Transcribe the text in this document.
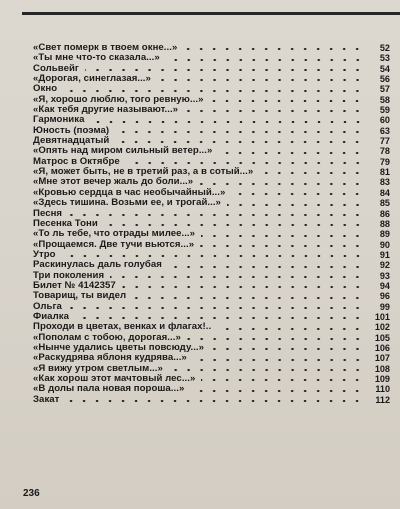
«Свет померк в твоем окне...»	52
«Ты мне что-то сказала...»	53
Сольвейг	54
«Дорогая, синеглазая...»	56
Окно	57
«Я, хорошо люблю, того ревную...»	58
«Как тебя другие называют...»	59
Гармоника	60
Юность (поэма)	63
Девятнадцатый	77
«Опять над миром сильный ветер...»	78
Матрос в Октябре	79
«Я, может быть, не в третий раз, а в сотый...»	81
«Мне этот вечер жаль до боли...»	83
«Кровью сердца в час необычайный...»	84
«Здесь тишина. Возьми ее, и трогай...»	85
Песня	86
Песенка Тони	88
«То ль тебе, что отрады милее...»	89
«Прощаемся. Две тучи вьются...»	90
Утро	91
Раскинулась даль голубая	92
Три поколения	93
Билет № 4142357	94
Товарищ, ты видел	96
Ольга	99
Фиалка	101
Проходи в цветах, венках и флагах!..	102
«Пополам с тобою, дорогая...»	105
«Нынче удались цветы повсюду...»	106
«Раскудрява яблоня кудрява...»	107
«Я вижу утром светлым...»	108
«Как хорош этот мачтовый лес...»	109
«В долы пала новая пороша...»	110
Закат	112
236
